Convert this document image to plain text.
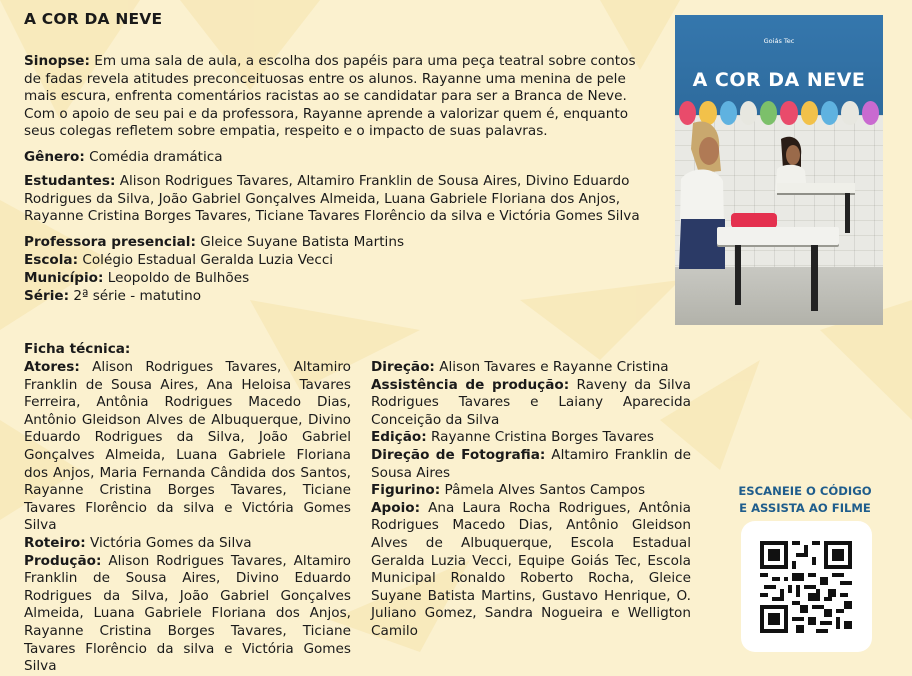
A COR DA NEVE

Sinopse: Em uma sala de aula, a escolha dos papéis para uma peça teatral sobre contos de fadas revela atitudes preconceituosas entre os alunos. Rayanne uma menina de pele mais escura, enfrenta comentários racistas ao se candidatar para ser a Branca de Neve. Com o apoio de seu pai e da professora, Rayanne aprende a valorizar quem é, enquanto seus colegas refletem sobre empatia, respeito e o impacto de suas palavras.

Gênero: Comédia dramática

Estudantes: Alison Rodrigues Tavares, Altamiro Franklin de Sousa Aires, Divino Eduardo Rodrigues da Silva, João Gabriel Gonçalves Almeida, Luana Gabriele Floriana dos Anjos, Rayanne Cristina Borges Tavares, Ticiane Tavares Florêncio da silva e Victória Gomes Silva

Professora presencial: Gleice Suyane Batista Martins
Escola: Colégio Estadual Geralda Luzia Vecci
Município: Leopoldo de Bulhões
Série: 2ª série - matutino
Ficha técnica:

Atores: Alison Rodrigues Tavares, Altamiro Franklin de Sousa Aires, Ana Heloisa Tavares Ferreira, Antônia Rodrigues Macedo Dias, Antônio Gleidson Alves de Albuquerque, Divino Eduardo Rodrigues da Silva, João Gabriel Gonçalves Almeida, Luana Gabriele Floriana dos Anjos, Maria Fernanda Cândida dos Santos, Rayanne Cristina Borges Tavares, Ticiane Tavares Florêncio da silva e Victória Gomes Silva

Roteiro: Victória Gomes da Silva

Produção: Alison Rodrigues Tavares, Altamiro Franklin de Sousa Aires, Divino Eduardo Rodrigues da Silva, João Gabriel Gonçalves Almeida, Luana Gabriele Floriana dos Anjos, Rayanne Cristina Borges Tavares, Ticiane Tavares Florêncio da silva e Victória Gomes Silva

Direção: Alison Tavares e Rayanne Cristina

Assistência de produção: Raveny da Silva Rodrigues Tavares e Laiany Aparecida Conceição da Silva

Edição: Rayanne Cristina Borges Tavares

Direção de Fotografia: Altamiro Franklin de Sousa Aires

Figurino: Pâmela Alves Santos Campos

Apoio: Ana Laura Rocha Rodrigues, Antônia Rodrigues Macedo Dias, Antônio Gleidson Alves de Albuquerque, Escola Estadual Geralda Luzia Vecci, Equipe Goiás Tec, Escola Municipal Ronaldo Roberto Rocha, Gleice Suyane Batista Martins, Gustavo Henrique, O. Juliano Gomez, Sandra Nogueira e Welligton Camilo

Goiás Tec
A COR DA NEVE
ESCANEIE O CÓDIGO
E ASSISTA AO FILME
